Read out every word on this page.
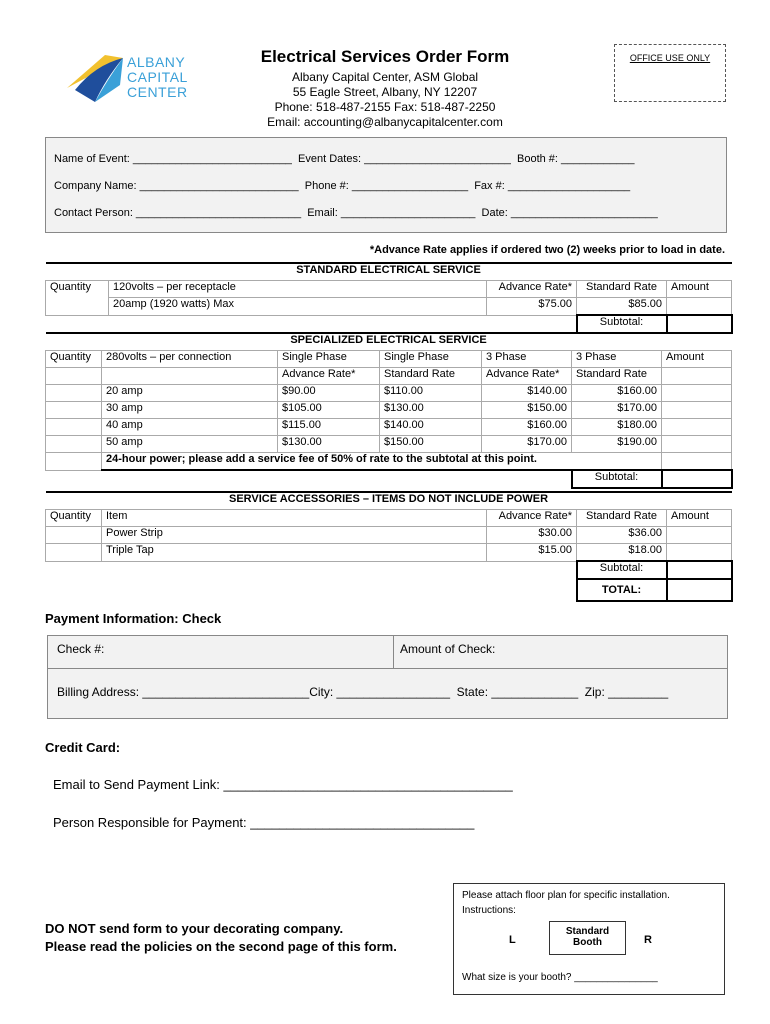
ALBANY
CAPITAL
CENTER
Electrical Services Order Form
Albany Capital Center, ASM Global
55 Eagle Street, Albany, NY 12207
Phone: 518-487-2155 Fax: 518-487-2250
Email: accounting@albanycapitalcenter.com
OFFICE USE ONLY
Name of Event: __________________________  Event Dates: ________________________  Booth #: ____________
Company Name: __________________________  Phone #: ___________________  Fax #: ____________________
Contact Person: ___________________________  Email: ______________________  Date: ________________________
*Advance Rate applies if ordered two (2) weeks prior to load in date.
STANDARD ELECTRICAL SERVICE				
Quantity	120volts – per receptacle	Advance Rate*	Standard Rate	Amount
	20amp (1920 watts) Max	$75.00	$85.00	
			Subtotal:	
SPECIALIZED ELECTRICAL SERVICE						
Quantity	280volts – per connection	Single Phase	Single Phase	3 Phase	3 Phase	Amount
		Advance Rate*	Standard Rate	Advance Rate*	Standard Rate	
	20 amp	$90.00	$110.00	$140.00	$160.00	
	30 amp	$105.00	$130.00	$150.00	$170.00	
	40 amp	$115.00	$140.00	$160.00	$180.00	
	50 amp	$130.00	$150.00	$170.00	$190.00	
	24-hour power; please add a service fee of 50% of rate to the subtotal at this point.					
					Subtotal:	
SERVICE ACCESSORIES – ITEMS DO NOT INCLUDE POWER				
Quantity	Item	Advance Rate*	Standard Rate	Amount
	Power Strip	$30.00	$36.00	
	Triple Tap	$15.00	$18.00	
			Subtotal:	
			TOTAL:	
Payment Information: Check
Check #:	Amount of Check:
Billing Address: _________________________City: _________________  State: _____________  Zip: _________
Credit Card:
Email to Send Payment Link: ________________________________________
Person Responsible for Payment: _______________________________
DO NOT send form to your decorating company.
Please read the policies on the second page of this form.
Please attach floor plan for specific installation.
Instructions:
L
Standard
Booth	R
What size is your booth? _______________
